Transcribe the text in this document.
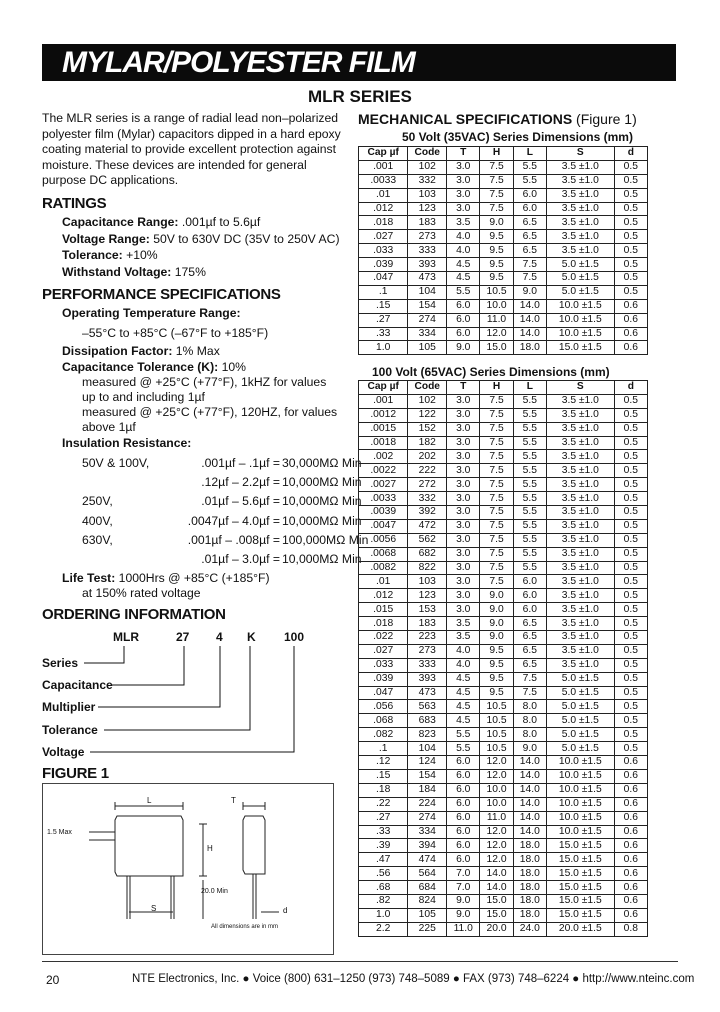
MYLAR/POLYESTER FILM
MLR SERIES

The MLR series is a range of radial lead non–polarized polyester film (Mylar) capacitors dipped in a hard epoxy coating material to provide excellent protection against moisture. These devices are intended for general purpose DC applications.

RATINGS
Capacitance Range: .001µf to 5.6µf
Voltage Range: 50V to 630V DC (35V to 250V AC)
Tolerance: +10%
Withstand Voltage: 175%
PERFORMANCE SPECIFICATIONS
Operating Temperature Range:
–55°C to +85°C (–67°F to +185°F)
Dissipation Factor: 1% Max
Capacitance Tolerance (K): 10%
measured @ +25°C (+77°F), 1kHZ for values
up to and including 1µf
measured @ +25°C (+77°F), 120HZ, for values
above 1µf
Insulation Resistance:
50V & 100V,	.001µf – .1µf = 30,000MΩ Min
.12µf – 2.2µf = 10,000MΩ Min
250V,	.01µf – 5.6µf = 10,000MΩ Min
400V,	.0047µf – 4.0µf = 10,000MΩ Min
630V,	.001µf – .008µf = 100,000MΩ Min
.01µf – 3.0µf = 10,000MΩ Min
Life Test: 1000Hrs @ +85°C (+185°F)
at 150% rated voltage
ORDERING INFORMATION
MLR	27 4 K 100
Series
Capacitance
Multiplier
Tolerance
Voltage
FIGURE 1
L	T
H
S	d
1.5 Max
20.0 Min
All dimensions are in mm
MECHANICAL SPECIFICATIONS (Figure 1)
50 Volt (35VAC) Series Dimensions (mm)
Cap µf	Code	T	H	L	S	d
.001	102	3.0	7.5	5.5	3.5 ±1.0	0.5
.0033	332	3.0	7.5	5.5	3.5 ±1.0	0.5
.01	103	3.0	7.5	6.0	3.5 ±1.0	0.5
.012	123	3.0	7.5	6.0	3.5 ±1.0	0.5
.018	183	3.5	9.0	6.5	3.5 ±1.0	0.5
.027	273	4.0	9.5	6.5	3.5 ±1.0	0.5
.033	333	4.0	9.5	6.5	3.5 ±1.0	0.5
.039	393	4.5	9.5	7.5	5.0 ±1.5	0.5
.047	473	4.5	9.5	7.5	5.0 ±1.5	0.5
.1	104	5.5	10.5	9.0	5.0 ±1.5	0.5
.15	154	6.0	10.0	14.0	10.0 ±1.5	0.6
.27	274	6.0	11.0	14.0	10.0 ±1.5	0.6
.33	334	6.0	12.0	14.0	10.0 ±1.5	0.6
1.0	105	9.0	15.0	18.0	15.0 ±1.5	0.6
100 Volt (65VAC) Series Dimensions (mm)
Cap µf	Code	T	H	L	S	d
.001	102	3.0	7.5	5.5	3.5 ±1.0	0.5
.0012	122	3.0	7.5	5.5	3.5 ±1.0	0.5
.0015	152	3.0	7.5	5.5	3.5 ±1.0	0.5
.0018	182	3.0	7.5	5.5	3.5 ±1.0	0.5
.002	202	3.0	7.5	5.5	3.5 ±1.0	0.5
.0022	222	3.0	7.5	5.5	3.5 ±1.0	0.5
.0027	272	3.0	7.5	5.5	3.5 ±1.0	0.5
.0033	332	3.0	7.5	5.5	3.5 ±1.0	0.5
.0039	392	3.0	7.5	5.5	3.5 ±1.0	0.5
.0047	472	3.0	7.5	5.5	3.5 ±1.0	0.5
.0056	562	3.0	7.5	5.5	3.5 ±1.0	0.5
.0068	682	3.0	7.5	5.5	3.5 ±1.0	0.5
.0082	822	3.0	7.5	5.5	3.5 ±1.0	0.5
.01	103	3.0	7.5	6.0	3.5 ±1.0	0.5
.012	123	3.0	9.0	6.0	3.5 ±1.0	0.5
.015	153	3.0	9.0	6.0	3.5 ±1.0	0.5
.018	183	3.5	9.0	6.5	3.5 ±1.0	0.5
.022	223	3.5	9.0	6.5	3.5 ±1.0	0.5
.027	273	4.0	9.5	6.5	3.5 ±1.0	0.5
.033	333	4.0	9.5	6.5	3.5 ±1.0	0.5
.039	393	4.5	9.5	7.5	5.0 ±1.5	0.5
.047	473	4.5	9.5	7.5	5.0 ±1.5	0.5
.056	563	4.5	10.5	8.0	5.0 ±1.5	0.5
.068	683	4.5	10.5	8.0	5.0 ±1.5	0.5
.082	823	5.5	10.5	8.0	5.0 ±1.5	0.5
.1	104	5.5	10.5	9.0	5.0 ±1.5	0.5
.12	124	6.0	12.0	14.0	10.0 ±1.5	0.6
.15	154	6.0	12.0	14.0	10.0 ±1.5	0.6
.18	184	6.0	10.0	14.0	10.0 ±1.5	0.6
.22	224	6.0	10.0	14.0	10.0 ±1.5	0.6
.27	274	6.0	11.0	14.0	10.0 ±1.5	0.6
.33	334	6.0	12.0	14.0	10.0 ±1.5	0.6
.39	394	6.0	12.0	18.0	15.0 ±1.5	0.6
.47	474	6.0	12.0	18.0	15.0 ±1.5	0.6
.56	564	7.0	14.0	18.0	15.0 ±1.5	0.6
.68	684	7.0	14.0	18.0	15.0 ±1.5	0.6
.82	824	9.0	15.0	18.0	15.0 ±1.5	0.6
1.0	105	9.0	15.0	18.0	15.0 ±1.5	0.6
2.2	225	11.0	20.0	24.0	20.0 ±1.5	0.8
20	NTE Electronics, Inc. ● Voice (800) 631–1250 (973) 748–5089 ● FAX (973) 748–6224 ● http://www.nteinc.com
